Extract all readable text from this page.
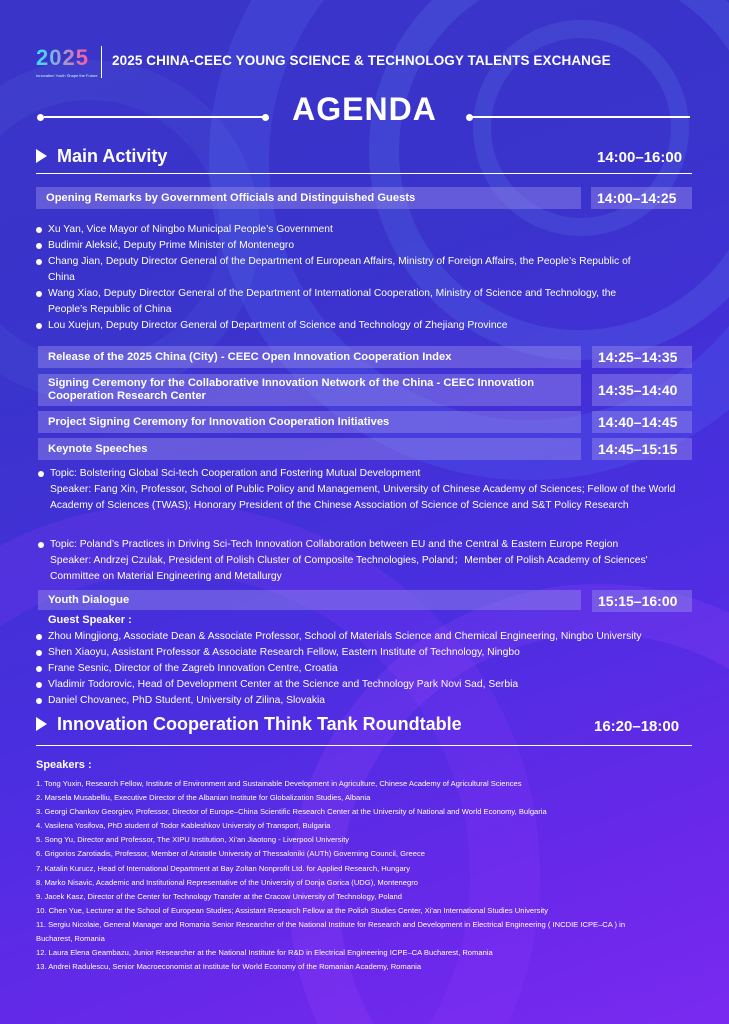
2025
Innovation Youth Shape the Future
2025 CHINA-CEEC YOUNG SCIENCE & TECHNOLOGY TALENTS EXCHANGE
AGENDA
Main Activity	14:00–16:00
Opening Remarks by Government Officials and Distinguished Guests	14:00–14:25
Xu Yan, Vice Mayor of Ningbo Municipal People’s Government
Budimir Aleksić, Deputy Prime Minister of Montenegro
Chang Jian, Deputy Director General of the Department of European Affairs, Ministry of Foreign Affairs, the People’s Republic of China
Wang Xiao, Deputy Director General of the Department of International Cooperation, Ministry of Science and Technology, the People’s Republic of China
Lou Xuejun, Deputy Director General of Department of Science and Technology of Zhejiang Province
Release of the 2025 China (City) - CEEC Open Innovation Cooperation Index	14:25–14:35
Signing Ceremony for the Collaborative Innovation Network of the China - CEEC Innovation Cooperation Research Center	14:35–14:40
Project Signing Ceremony for Innovation Cooperation Initiatives	14:40–14:45
Keynote Speeches	14:45–15:15
Topic: Bolstering Global Sci-tech Cooperation and Fostering Mutual Development
Speaker: Fang Xin, Professor, School of Public Policy and Management, University of Chinese Academy of Sciences; Fellow of the World Academy of Sciences (TWAS); Honorary President of the Chinese Association of Science of Science and S&T Policy Research
Topic: Poland’s Practices in Driving Sci-Tech Innovation Collaboration between EU and the Central & Eastern Europe Region
Speaker: Andrzej Czulak, President of Polish Cluster of Composite Technologies, Poland；Member of Polish Academy of Sciences' Committee on Material Engineering and Metallurgy
Youth Dialogue	15:15–16:00
Guest Speaker :
Zhou Mingjiong, Associate Dean & Associate Professor, School of Materials Science and Chemical Engineering, Ningbo University
Shen Xiaoyu, Assistant Professor & Associate Research Fellow, Eastern Institute of Technology, Ningbo
Frane Sesnic, Director of the Zagreb Innovation Centre, Croatia
Vladimir Todorovic, Head of Development Center at the Science and Technology Park Novi Sad, Serbia
Daniel Chovanec, PhD Student, University of Zilina, Slovakia
Innovation Cooperation Think Tank Roundtable	16:20–18:00
Speakers :
1. Tong Yuxin, Research Fellow, Institute of Environment and Sustainable Development in Agriculture, Chinese Academy of Agricultural Sciences
2. Marsela Musabelliu, Executive Director of the Albanian Institute for Globalization Studies, Albania
3. Georgi Chankov Georgiev, Professor, Director of Europe–China Scientific Research Center at the University of National and World Economy, Bulgaria
4. Vasilena Yosifova, PhD student of Todor Kableshkov University of Transport, Bulgaria
5. Song Yu, Director and Professor, The XIPU Institution, Xi'an Jiaotong - Liverpool University
6. Grigorios Zarotiadis, Professor, Member of Aristotle University of Thessaloniki (AUTh) Governing Council, Greece
7. Katalin Kurucz, Head of International Department at Bay Zoltan Nonprofit Ltd. for Applied Research, Hungary
8. Marko Nisavic, Academic and Institutional Representative of the University of Donja Gorica (UDG), Montenegro
9. Jacek Kasz, Director of the Center for Technology Transfer at the Cracow University of Technology, Poland
10. Chen Yue, Lecturer at the School of European Studies; Assistant Research Fellow at the Polish Studies Center, Xi'an International Studies University
11. Sergiu Nicolaie, General Manager and Romania Senior Researcher of the National Institute for Research and Development in Electrical Engineering ( INCDIE ICPE–CA ) in Bucharest, Romania
12. Laura Elena Geambazu, Junior Researcher at the National Institute for R&D in Electrical Engineering ICPE–CA Bucharest, Romania
13. Andrei Radulescu, Senior Macroeconomist at Institute for World Economy of the Romanian Academy, Romania
